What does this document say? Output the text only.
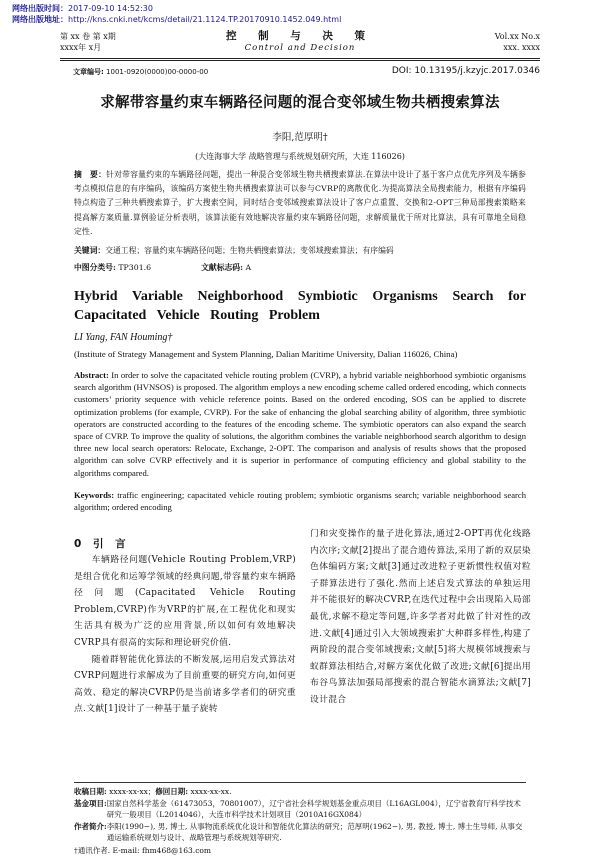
网络出版时间：2017-09-10 14:52:30
网络出版地址：http://kns.cnki.net/kcms/detail/21.1124.TP.20170910.1452.049.html
第 xx 卷 第 x期
xxxx年 x月
控 制 与 决 策
Control and Decision
Vol.xx No.x
xxx. xxxx
文章编号: 1001-0920(0000)00-0000-00	DOI: 10.13195/j.kzyjc.2017.0346
求解带容量约束车辆路径问题的混合变邻域生物共栖搜索算法
李阳,范厚明†
(大连海事大学 战略管理与系统规划研究所，大连 116026)
摘　要：针对带容量约束的车辆路径问题，提出一种混合变邻域生物共栖搜索算法.在算法中设计了基于客户点优先序列及车辆参考点模拟信息的有序编码，该编码方案使生物共栖搜索算法可以参与CVRP的离散优化.为提高算法全局搜索能力，根据有序编码特点构造了三种共栖搜索算子，扩大搜索空间，同时结合变邻域搜索算法设计了客户点重置、交换和2-OPT三种局部搜索策略来提高解方案质量.算例验证分析表明，该算法能有效地解决容量约束车辆路径问题，求解质量优于所对比算法，具有可靠地全局稳定性.
关键词：交通工程；容量约束车辆路径问题；生物共栖搜索算法；变邻域搜索算法；有序编码
中图分类号: TP301.6	文献标志码: A
Hybrid Variable Neighborhood Symbiotic Organisms Search for Capacitated Vehicle Routing Problem
LI Yang, FAN Houming†
(Institute of Strategy Management and System Planning, Dalian Maritime University, Dalian 116026, China)
Abstract: In order to solve the capacitated vehicle routing problem (CVRP), a hybrid variable neighborhood symbiotic organisms search algorithm (HVNSOS) is proposed. The algorithm employs a new encoding scheme called ordered encoding, which connects customers’ priority sequence with vehicle reference points. Based on the ordered encoding, SOS can be applied to discrete optimization problems (for example, CVRP). For the sake of enhancing the global searching ability of algorithm, three symbiotic operators are constructed according to the features of the encoding scheme. The symbiotic operators can also expand the search space of CVRP. To improve the quality of solutions, the algorithm combines the variable neighborhood search algorithm to design three new local search operators: Relocate, Exchange, 2-OPT. The comparison and analysis of results shows that the proposed algorithm can solve CVRP effectively and it is superior in performance of computing efficiency and global stability to the algorithms compared.
Keywords: traffic engineering; capacitated vehicle routing problem; symbiotic organisms search; variable neighborhood search algorithm; ordered encoding
0 引 言

车辆路径问题(Vehicle Routing Problem,VRP)是组合优化和运筹学领域的经典问题,带容量约束车辆路径问题(Capacitated Vehicle Routing Problem,CVRP)作为VRP的扩展,在工程优化和现实生活具有极为广泛的应用背景,所以如何有效地解决CVRP具有很高的实际和理论研究价值.

随着群智能优化算法的不断发展,运用启发式算法对CVRP问题进行求解成为了目前重要的研究方向,如何更高效、稳定的解决CVRP仍是当前诸多学者们的研究重点.文献[1]设计了一种基于量子旋转

门和灾变操作的量子进化算法,通过2-OPT再优化线路内次序;文献[2]提出了混合遗传算法,采用了新的双层染色体编码方案;文献[3]通过改进粒子更新惯性权值对粒子群算法进行了强化.然而上述启发式算法的单独运用并不能很好的解决CVRP,在迭代过程中会出现陷入局部最优,求解不稳定等问题,许多学者对此做了针对性的改进.文献[4]通过引入大领域搜索扩大种群多样性,构建了两阶段的混合变邻域搜索;文献[5]将大规模邻域搜索与蚁群算法相结合,对解方案优化做了改进;文献[6]提出用布谷鸟算法加强局部搜索的混合智能水滴算法;文献[7]设计混合
收稿日期: xxxx-xx-xx；修回日期: xxxx-xx-xx.
基金项目: 国家自然科学基金（61473053，70801007），辽宁省社会科学规划基金重点项目（L16AGL004），辽宁省教育厅科学技术研究一般项目（L2014046），大连市科学技术计划项目（2010A16GX084）
作者简介: 李阳(1990−), 男, 博士, 从事物流系统优化设计和智能优化算法的研究；范厚明(1962−), 男, 教授, 博士, 博士生导师, 从事交通运输系统规划与设计、战略管理与系统规划等研究.
†通讯作者. E-mail: fhm468@163.com
